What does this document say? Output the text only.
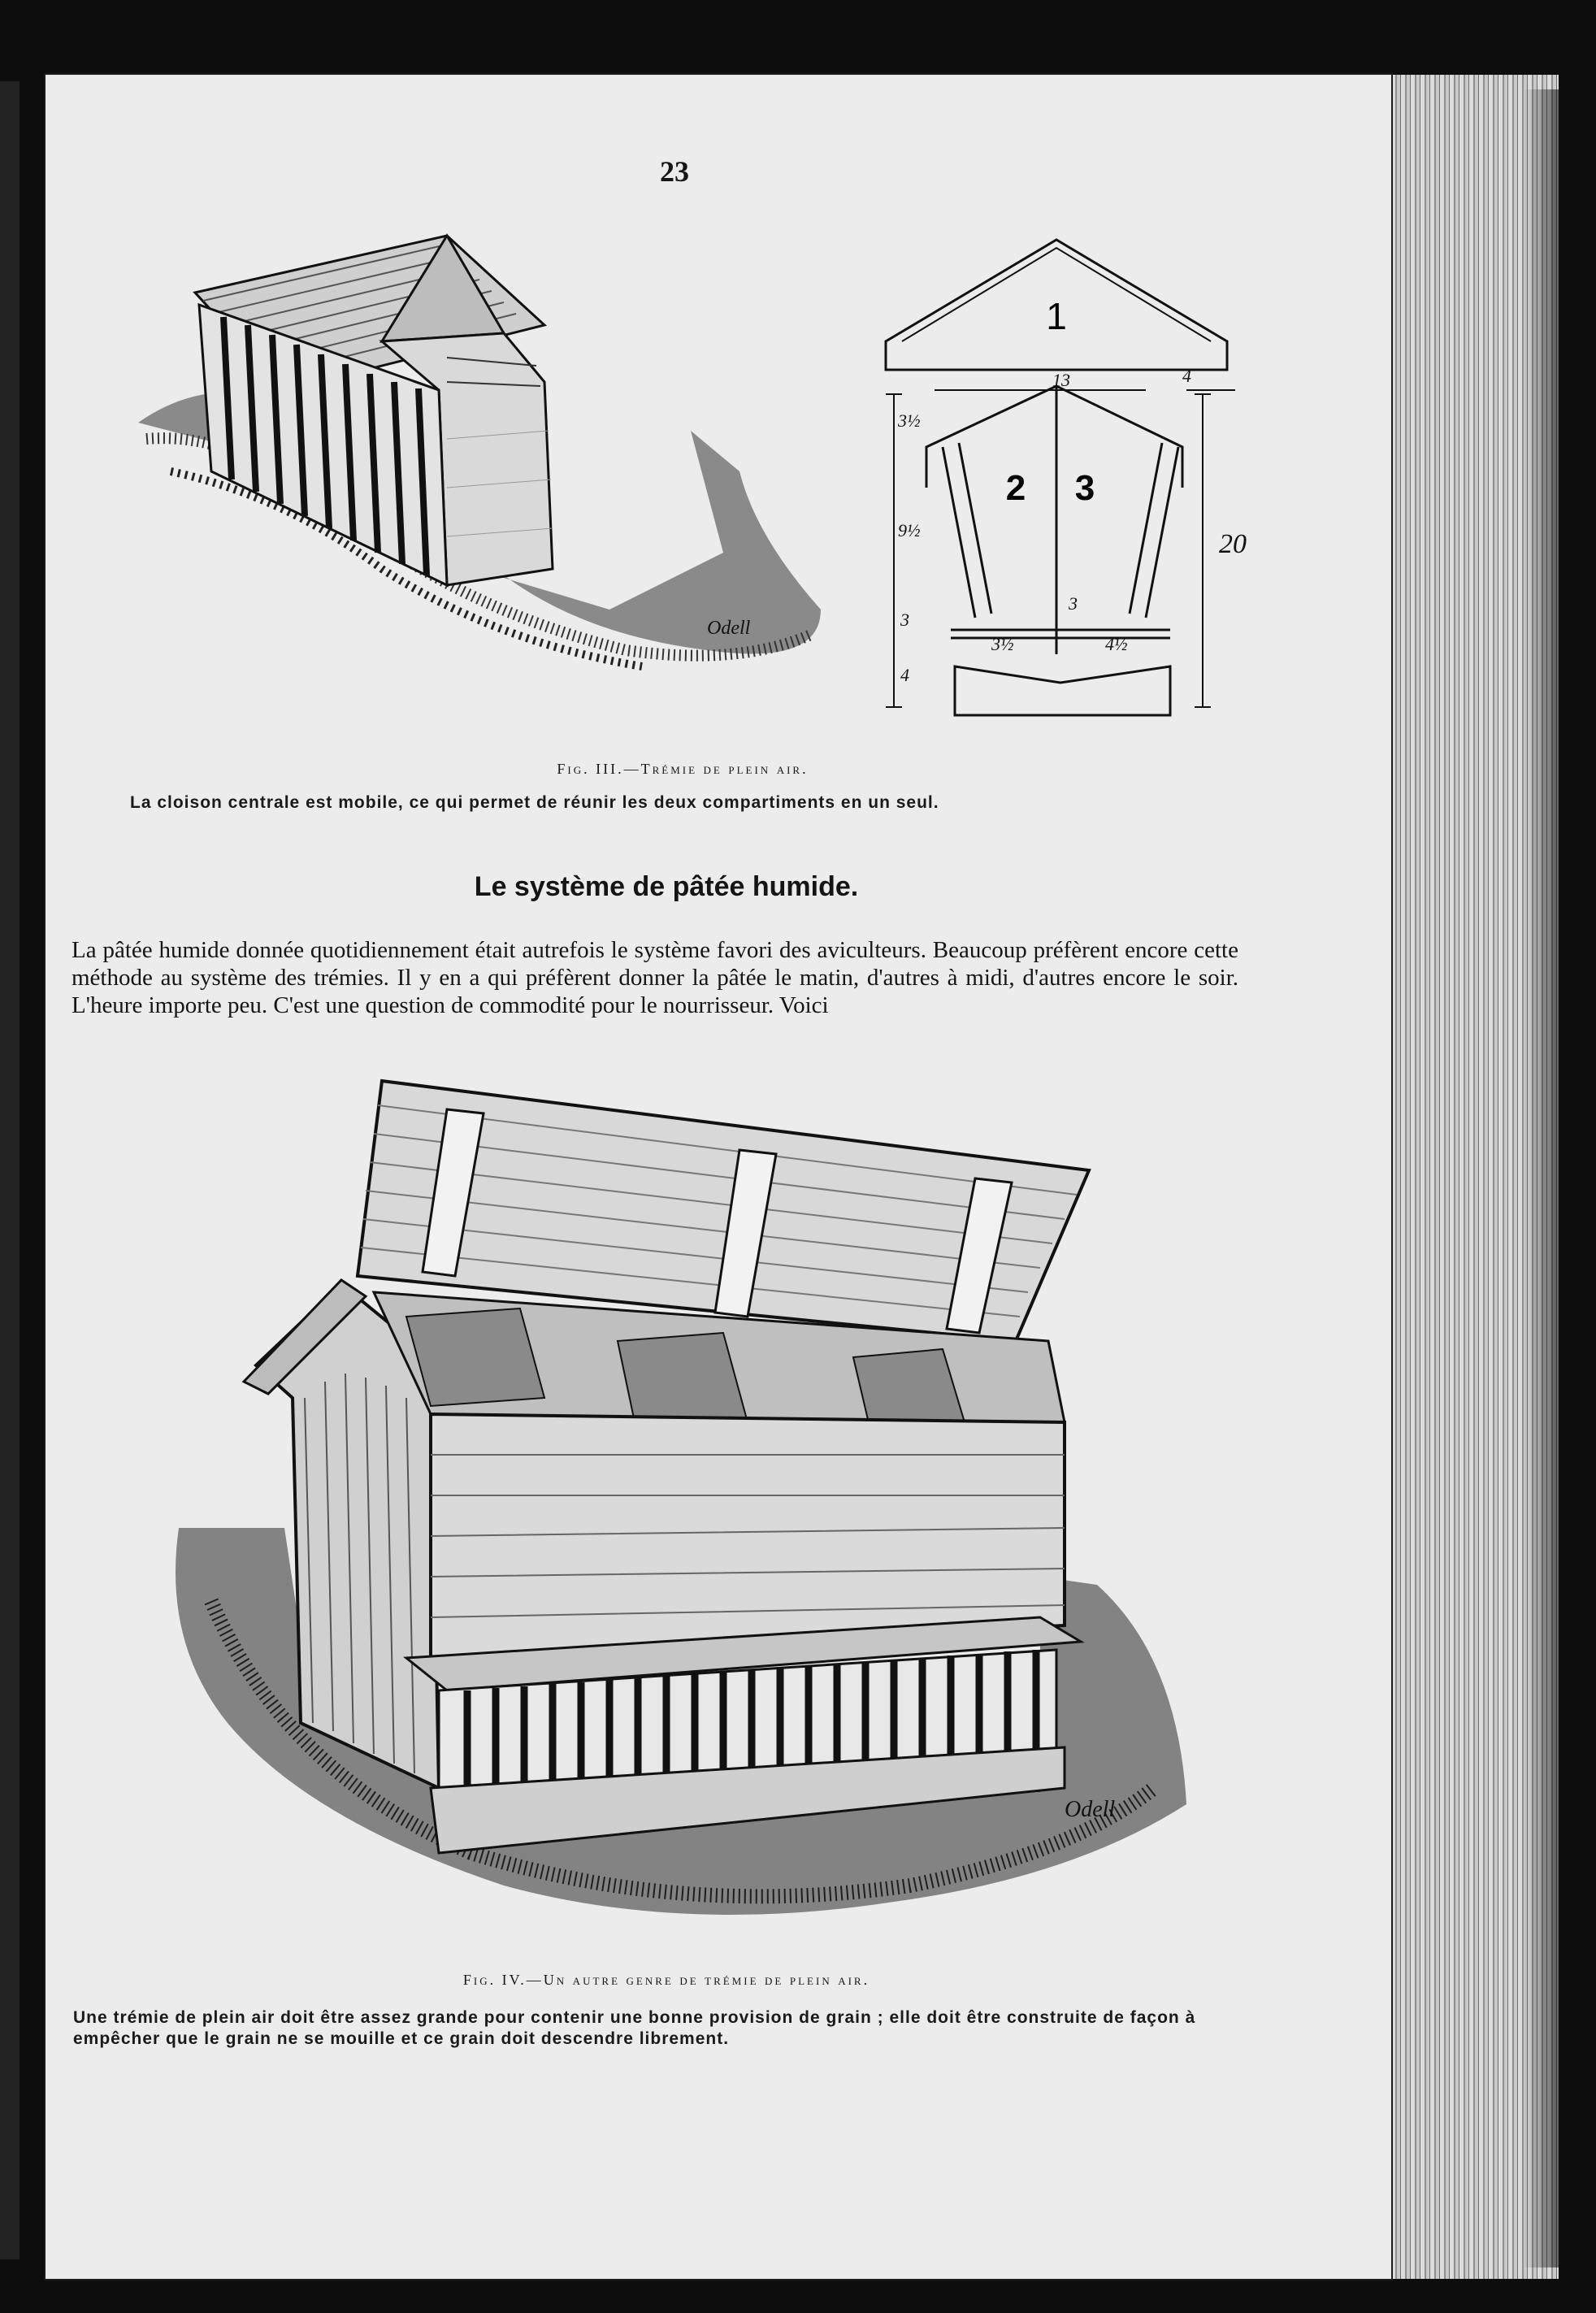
23
Odell
1
2 3
13	4
3½
9½	20
3
4
3½
3
4½
Fig. III.—Trémie de plein air.
La cloison centrale est mobile, ce qui permet de réunir les deux compartiments en un seul.
Le système de pâtée humide.

La pâtée humide donnée quotidiennement était autrefois le système favori des aviculteurs. Beaucoup préfèrent encore cette méthode au système des trémies. Il y en a qui préfèrent donner la pâtée le matin, d'autres à midi, d'autres encore le soir. L'heure importe peu. C'est une question de commodité pour le nourrisseur. Voici

Odell
Fig. IV.—Un autre genre de trémie de plein air.
Une trémie de plein air doit être assez grande pour contenir une bonne provision de grain ; elle doit être construite de façon à empêcher que le grain ne se mouille et ce grain doit descendre librement.
